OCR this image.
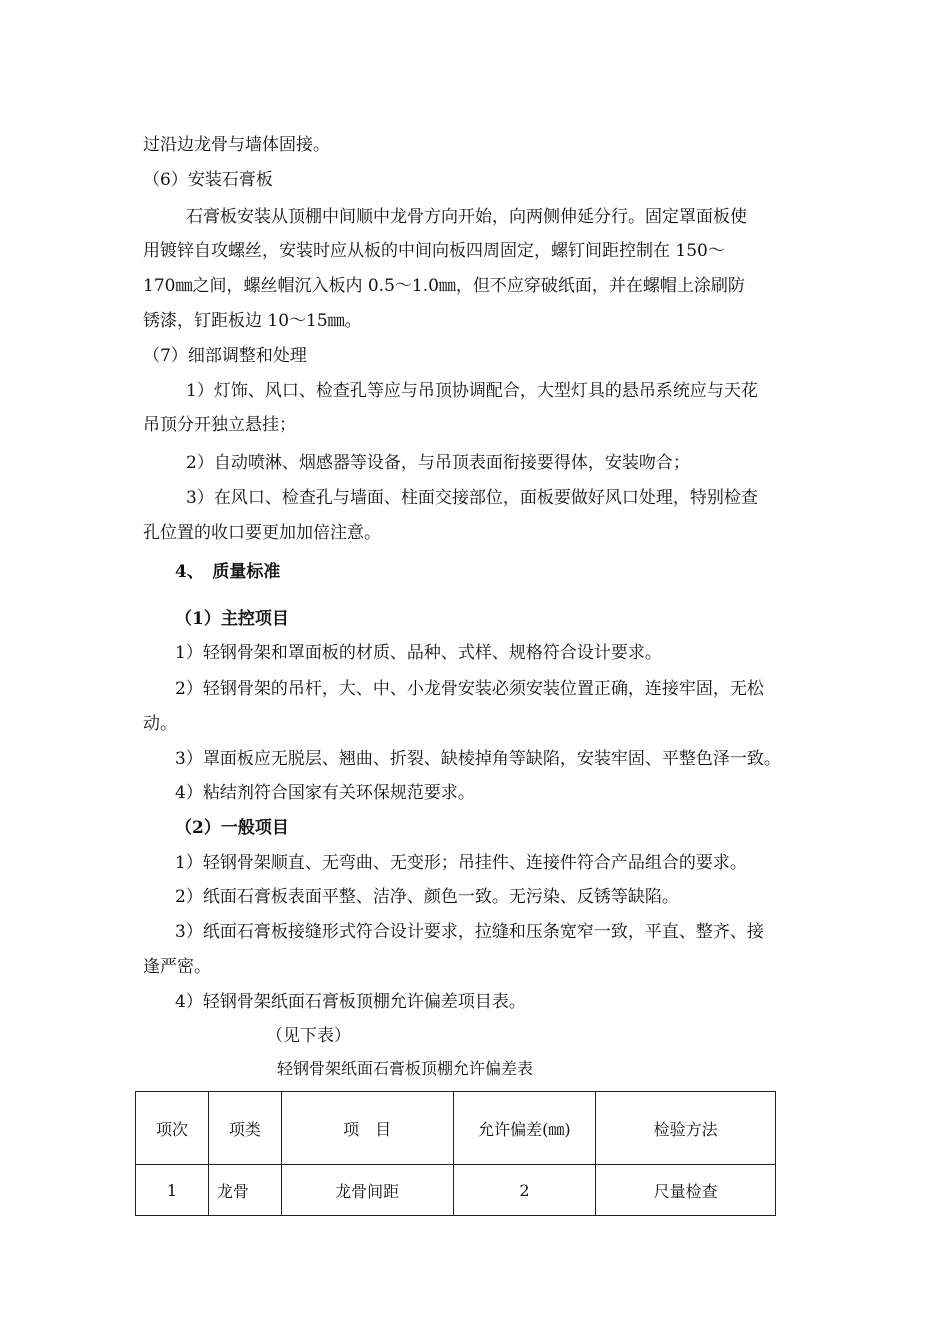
过沿边龙骨与墙体固接。
（6）安装石膏板
石膏板安装从顶棚中间顺中龙骨方向开始，向两侧伸延分行。固定罩面板使
用镀锌自攻螺丝，安装时应从板的中间向板四周固定，螺钉间距控制在 150～
170㎜之间，螺丝帽沉入板内 0.5～1.0㎜，但不应穿破纸面，并在螺帽上涂刷防
锈漆，钉距板边 10～15㎜。
（7）细部调整和处理
1）灯饰、风口、检查孔等应与吊顶协调配合，大型灯具的悬吊系统应与天花
吊顶分开独立悬挂；
2）自动喷淋、烟感器等设备，与吊顶表面衔接要得体，安装吻合；
3）在风口、检查孔与墙面、柱面交接部位，面板要做好风口处理，特别检查
孔位置的收口要更加加倍注意。
4、　质量标准
（1）主控项目
1）轻钢骨架和罩面板的材质、品种、式样、规格符合设计要求。
2）轻钢骨架的吊杆，大、中、小龙骨安装必须安装位置正确，连接牢固，无松
动。
3）罩面板应无脱层、翘曲、折裂、缺棱掉角等缺陷，安装牢固、平整色泽一致。
4）粘结剂符合国家有关环保规范要求。
（2）一般项目
1）轻钢骨架顺直、无弯曲、无变形；吊挂件、连接件符合产品组合的要求。
2）纸面石膏板表面平整、洁净、颜色一致。无污染、反锈等缺陷。
3）纸面石膏板接缝形式符合设计要求，拉缝和压条宽窄一致，平直、整齐、接
逢严密。
4）轻钢骨架纸面石膏板顶棚允许偏差项目表。
（见下表）
轻钢骨架纸面石膏板顶棚允许偏差表
项次	项类	项　目	允许偏差(㎜)	检验方法
1	龙骨	龙骨间距	2	尺量检查
